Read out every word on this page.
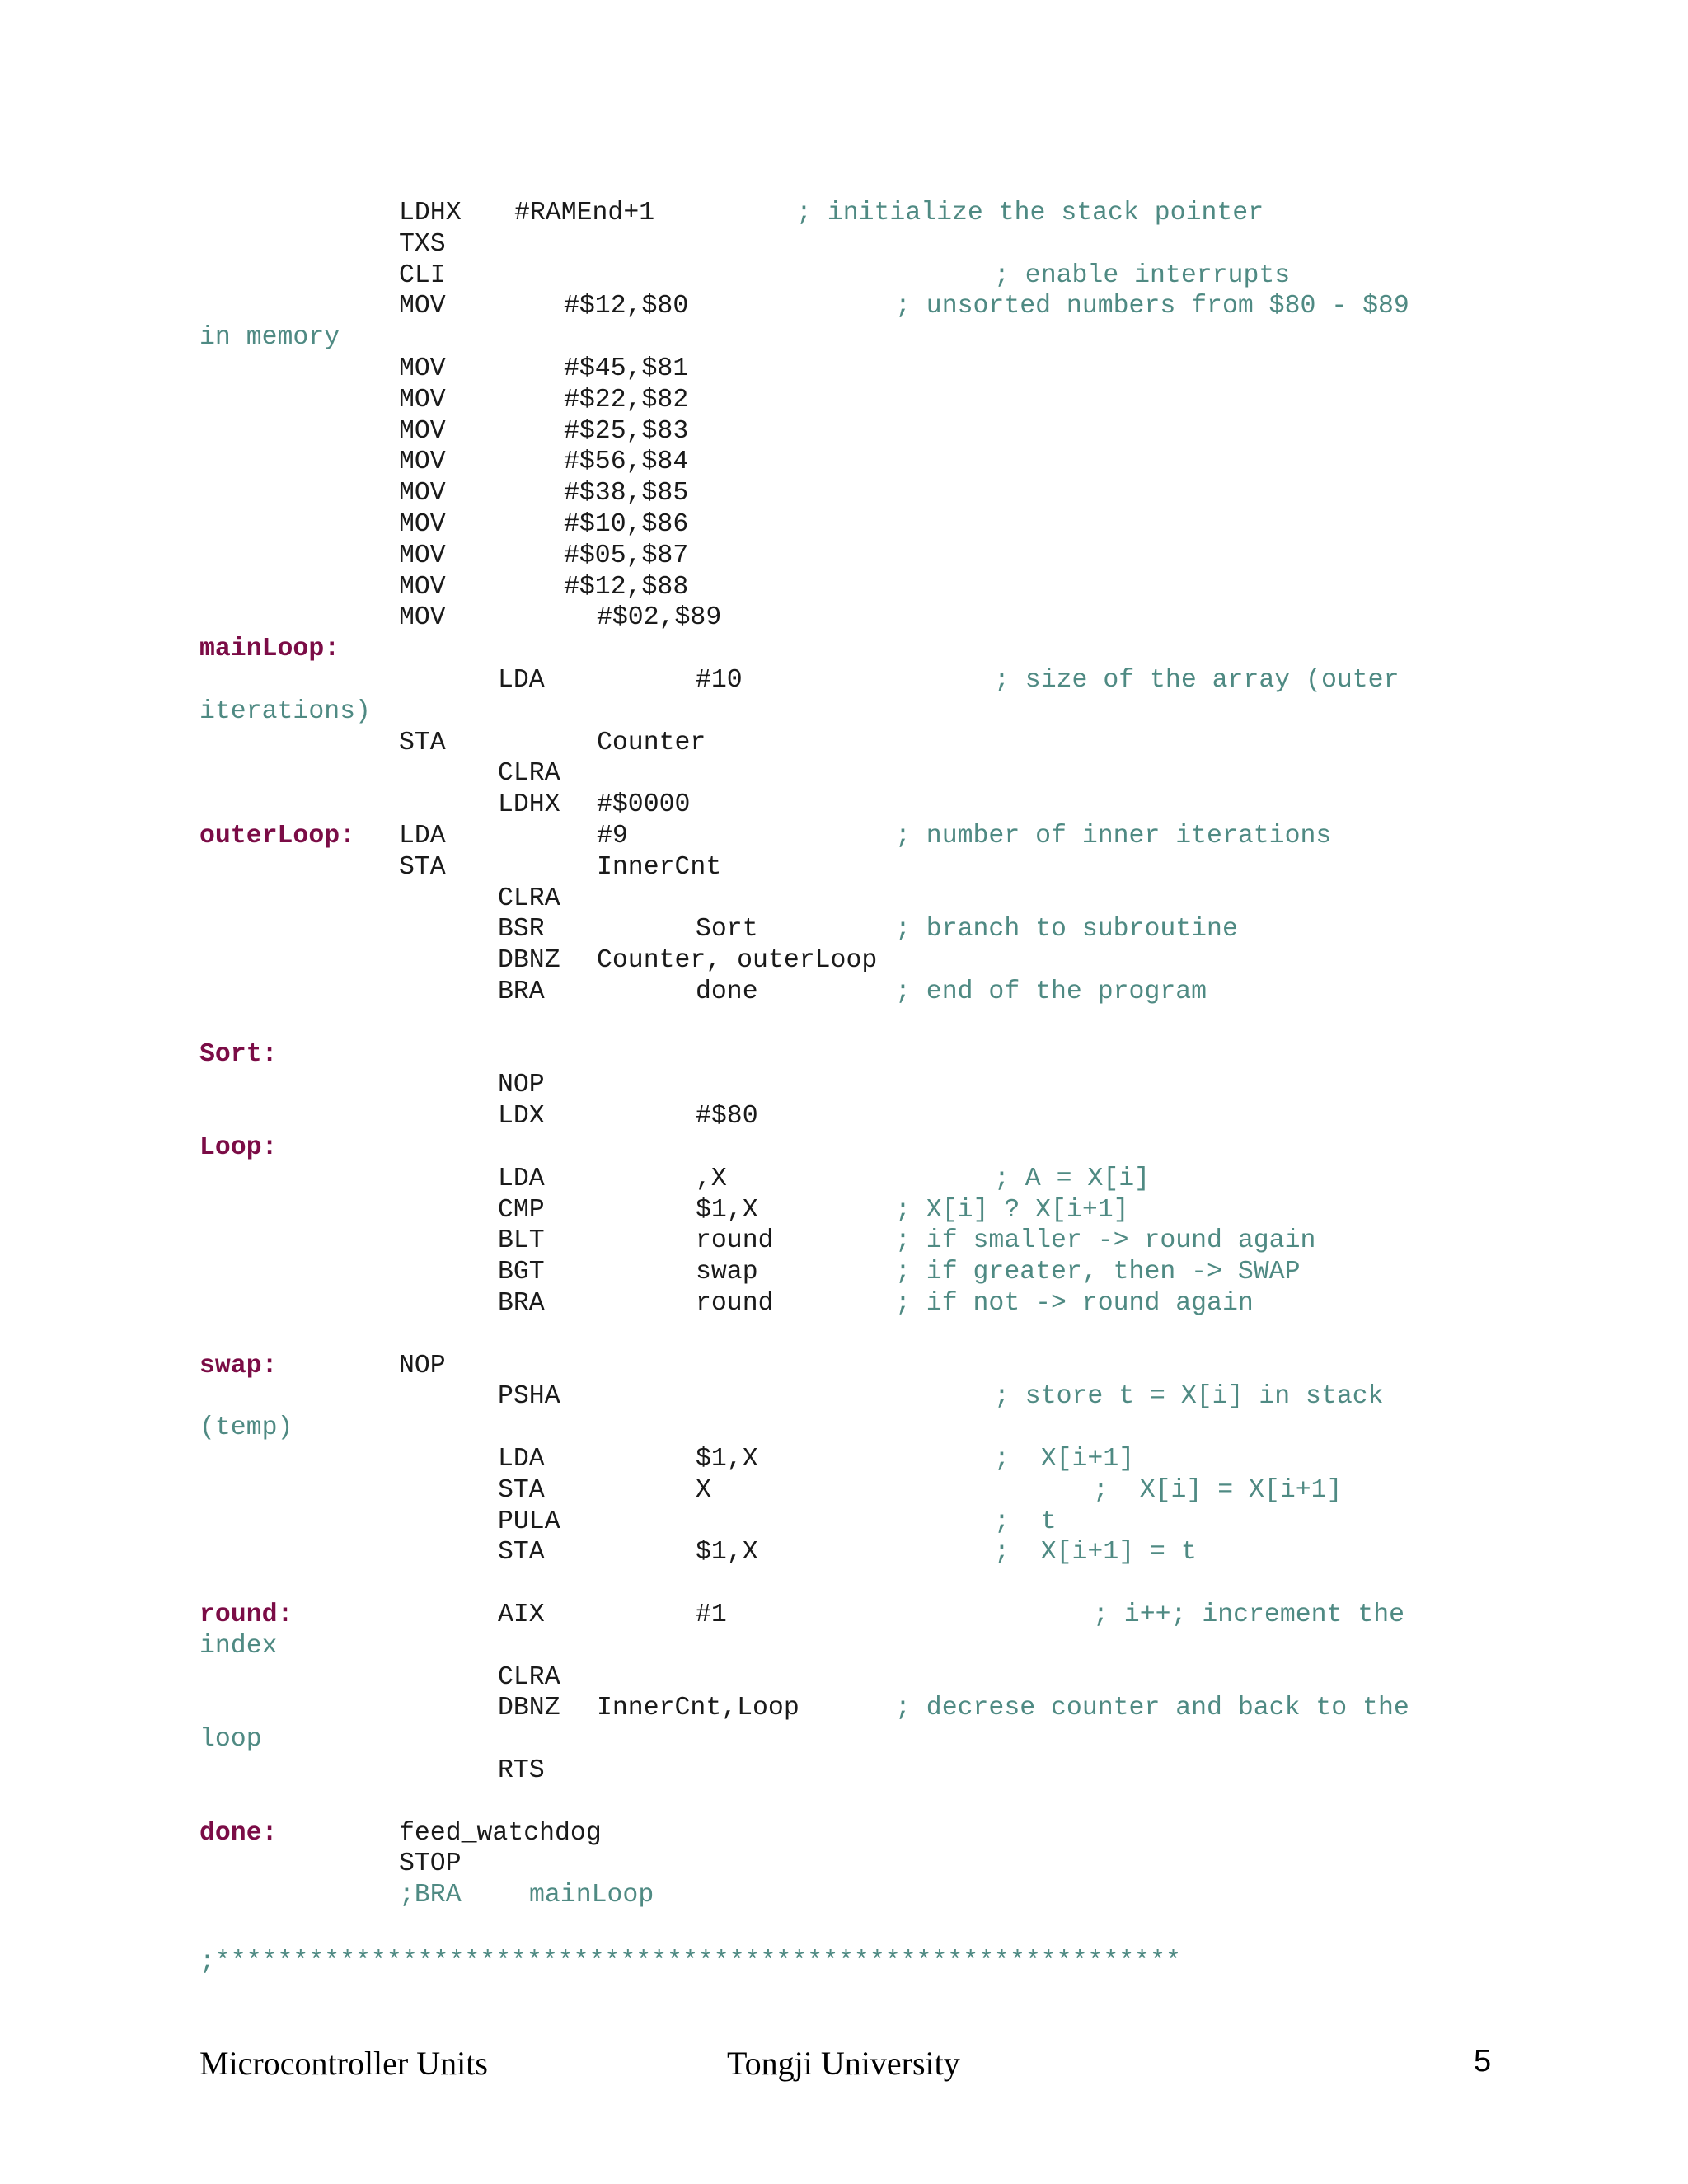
LDHX #RAMEnd+1	; initialize the stack pointer
TXS
CLI	; enable interrupts
MOV	#$12,$80	; unsorted numbers from $80 - $89
in memory
MOV	#$45,$81
MOV	#$22,$82
MOV	#$25,$83
MOV	#$56,$84
MOV	#$38,$85
MOV	#$10,$86
MOV	#$05,$87
MOV	#$12,$88
MOV	#$02,$89
mainLoop:
LDA	#10	; size of the array (outer
iterations)
STA	Counter
CLRA
LDHX #$0000
outerLoop: LDA	#9	; number of inner iterations
STA	InnerCnt
CLRA
BSR	Sort	; branch to subroutine
DBNZ Counter, outerLoop
BRA	done	; end of the program
Sort:
NOP
LDX	#$80
Loop:
LDA	,X	; A = X[i]
CMP	$1,X	; X[i] ? X[i+1]
BLT	round	; if smaller -> round again
BGT	swap	; if greater, then -> SWAP
BRA	round	; if not -> round again
swap:	NOP
PSHA	; store t = X[i] in stack
(temp)
LDA	$1,X	;  X[i+1]
STA	X	;  X[i] = X[i+1]
PULA	;  t
STA	$1,X	;  X[i+1] = t
round:	AIX	#1	; i++; increment the
index
CLRA
DBNZ InnerCnt,Loop	; decrese counter and back to the
loop
RTS
done:	feed_watchdog
STOP
;BRA	mainLoop
;**************************************************************
Microcontroller Units	Tongji University	5
